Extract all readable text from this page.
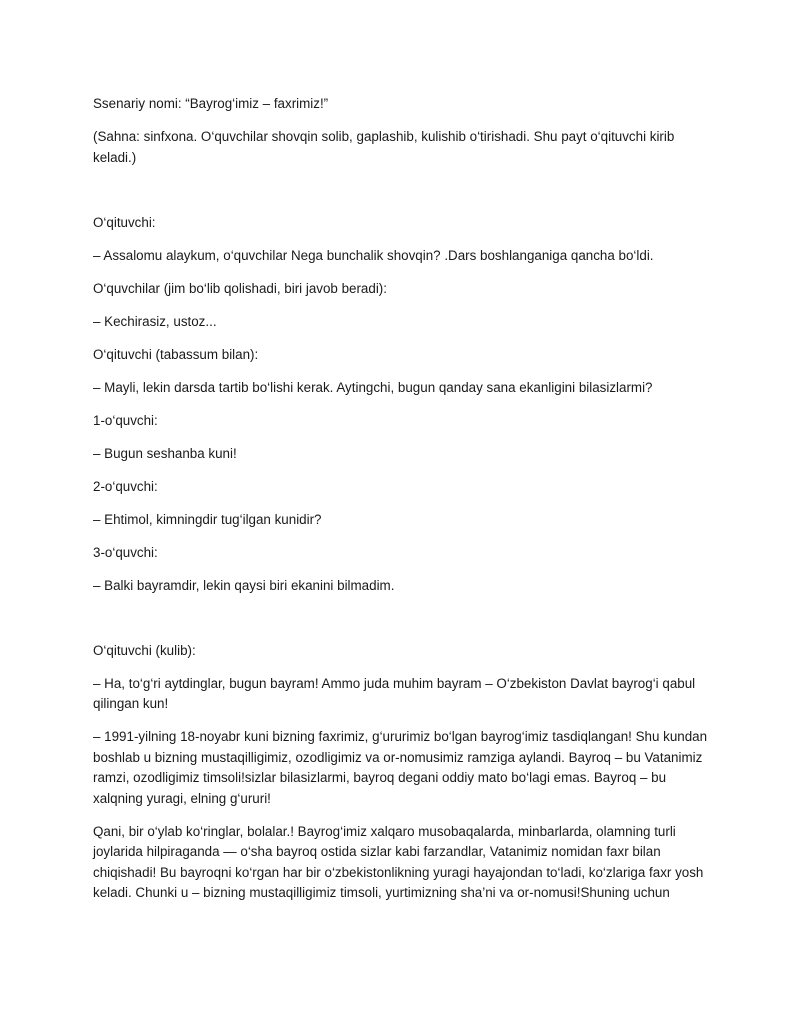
Ssenariy nomi: “Bayrog‘imiz – faxrimiz!”

(Sahna: sinfxona. O‘quvchilar shovqin solib, gaplashib, kulishib o‘tirishadi. Shu payt o‘qituvchi kirib keladi.)

O‘qituvchi:

– Assalomu alaykum, o‘quvchilar Nega bunchalik shovqin? .Dars boshlanganiga qancha bo‘ldi.

O‘quvchilar (jim bo‘lib qolishadi, biri javob beradi):

– Kechirasiz, ustoz...

O‘qituvchi (tabassum bilan):

– Mayli, lekin darsda tartib bo‘lishi kerak. Aytingchi, bugun qanday sana ekanligini bilasizlarmi?

1-o‘quvchi:

– Bugun seshanba kuni!

2-o‘quvchi:

– Ehtimol, kimningdir tug‘ilgan kunidir?

3-o‘quvchi:

– Balki bayramdir, lekin qaysi biri ekanini bilmadim.

O‘qituvchi (kulib):

– Ha, to‘g‘ri aytdinglar, bugun bayram! Ammo juda muhim bayram – O‘zbekiston Davlat bayrog‘i qabul qilingan kun!

– 1991-yilning 18-noyabr kuni bizning faxrimiz, g‘ururimiz bo‘lgan bayrog‘imiz tasdiqlangan! Shu kundan boshlab u bizning mustaqilligimiz, ozodligimiz va or-nomusimiz ramziga aylandi. Bayroq – bu Vatanimiz ramzi, ozodligimiz timsoli!sizlar bilasizlarmi, bayroq degani oddiy mato bo‘lagi emas. Bayroq – bu xalqning yuragi, elning g‘ururi!

Qani, bir o‘ylab ko‘ringlar, bolalar.! Bayrog‘imiz xalqaro musobaqalarda, minbarlarda, olamning turli joylarida hilpiraganda — o‘sha bayroq ostida sizlar kabi farzandlar, Vatanimiz nomidan faxr bilan chiqishadi! Bu bayroqni ko‘rgan har bir o‘zbekistonlikning yuragi hayajondan to‘ladi, ko‘zlariga faxr yosh keladi. Chunki u – bizning mustaqilligimiz timsoli, yurtimizning sha’ni va or-nomusi!Shuning uchun
